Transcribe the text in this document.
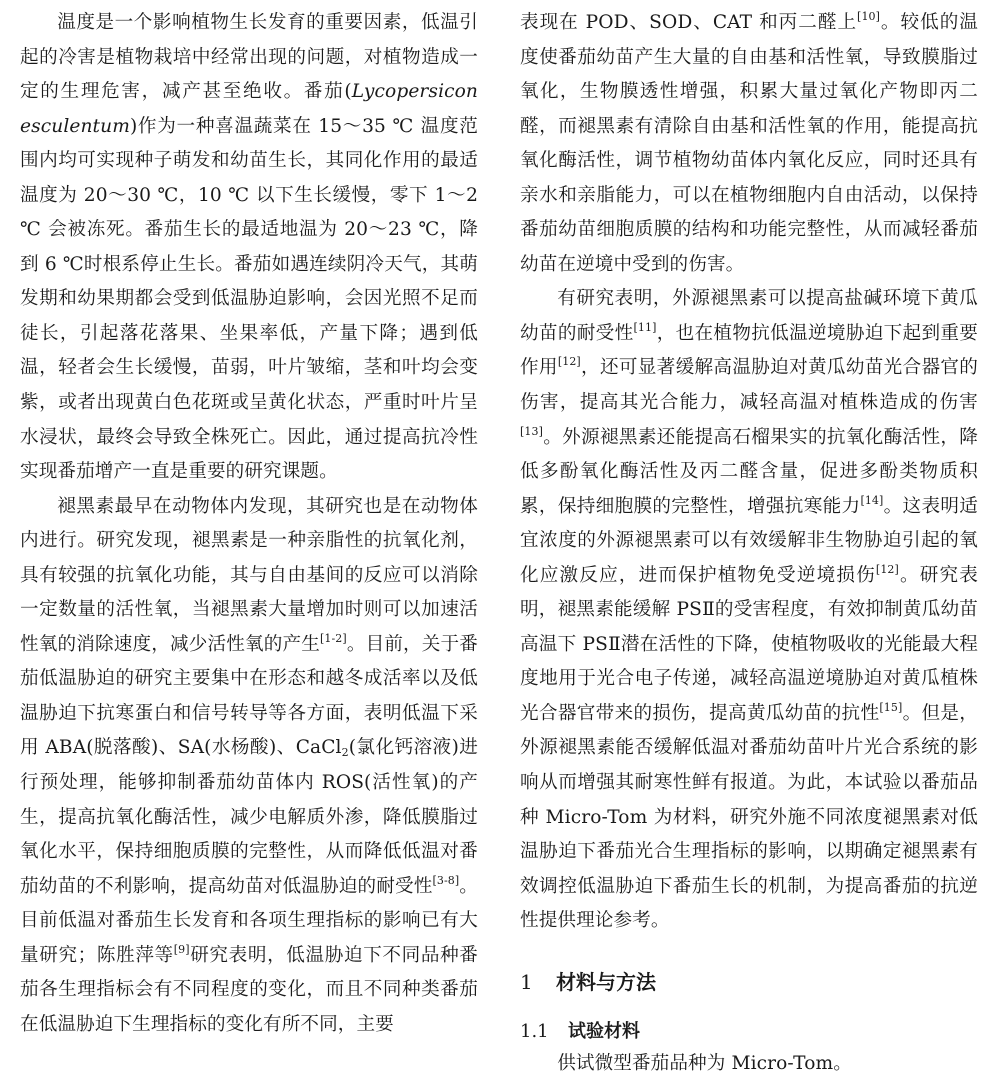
温度是一个影响植物生长发育的重要因素，低温引起的冷害是植物栽培中经常出现的问题，对植物造成一定的生理危害，减产甚至绝收。番茄(Lycopersicon esculentum)作为一种喜温蔬菜在 15～35 ℃ 温度范围内均可实现种子萌发和幼苗生长，其同化作用的最适温度为 20～30 ℃，10 ℃ 以下生长缓慢，零下 1～2 ℃ 会被冻死。番茄生长的最适地温为 20～23 ℃，降到 6 ℃时根系停止生长。番茄如遇连续阴冷天气，其萌发期和幼果期都会受到低温胁迫影响，会因光照不足而徒长，引起落花落果、坐果率低，产量下降；遇到低温，轻者会生长缓慢，苗弱，叶片皱缩，茎和叶均会变紫，或者出现黄白色花斑或呈黄化状态，严重时叶片呈水浸状，最终会导致全株死亡。因此，通过提高抗冷性实现番茄增产一直是重要的研究课题。

褪黑素最早在动物体内发现，其研究也是在动物体内进行。研究发现，褪黑素是一种亲脂性的抗氧化剂，具有较强的抗氧化功能，其与自由基间的反应可以消除一定数量的活性氧，当褪黑素大量增加时则可以加速活性氧的消除速度，减少活性氧的产生[1-2]。目前，关于番茄低温胁迫的研究主要集中在形态和越冬成活率以及低温胁迫下抗寒蛋白和信号转导等各方面，表明低温下采用 ABA(脱落酸)、SA(水杨酸)、CaCl$_2$(氯化钙溶液)进行预处理，能够抑制番茄幼苗体内 ROS(活性氧)的产生，提高抗氧化酶活性，减少电解质外渗，降低膜脂过氧化水平，保持细胞质膜的完整性，从而降低低温对番茄幼苗的不利影响，提高幼苗对低温胁迫的耐受性[3-8]。目前低温对番茄生长发育和各项生理指标的影响已有大量研究；陈胜萍等[9]研究表明，低温胁迫下不同品种番茄各生理指标会有不同程度的变化，而且不同种类番茄在低温胁迫下生理指标的变化有所不同，主要

表现在 POD、SOD、CAT 和丙二醛上[10]。较低的温度使番茄幼苗产生大量的自由基和活性氧，导致膜脂过氧化，生物膜透性增强，积累大量过氧化产物即丙二醛，而褪黑素有清除自由基和活性氧的作用，能提高抗氧化酶活性，调节植物幼苗体内氧化反应，同时还具有亲水和亲脂能力，可以在植物细胞内自由活动，以保持番茄幼苗细胞质膜的结构和功能完整性，从而减轻番茄幼苗在逆境中受到的伤害。

有研究表明，外源褪黑素可以提高盐碱环境下黄瓜幼苗的耐受性[11]，也在植物抗低温逆境胁迫下起到重要作用[12]，还可显著缓解高温胁迫对黄瓜幼苗光合器官的伤害，提高其光合能力，减轻高温对植株造成的伤害[13]。外源褪黑素还能提高石榴果实的抗氧化酶活性，降低多酚氧化酶活性及丙二醛含量，促进多酚类物质积累，保持细胞膜的完整性，增强抗寒能力[14]。这表明适宜浓度的外源褪黑素可以有效缓解非生物胁迫引起的氧化应激反应，进而保护植物免受逆境损伤[12]。研究表明，褪黑素能缓解 PSⅡ的受害程度，有效抑制黄瓜幼苗高温下 PSⅡ潜在活性的下降，使植物吸收的光能最大程度地用于光合电子传递，减轻高温逆境胁迫对黄瓜植株光合器官带来的损伤，提高黄瓜幼苗的抗性[15]。但是，外源褪黑素能否缓解低温对番茄幼苗叶片光合系统的影响从而增强其耐寒性鲜有报道。为此，本试验以番茄品种 Micro-Tom 为材料，研究外施不同浓度褪黑素对低温胁迫下番茄光合生理指标的影响，以期确定褪黑素有效调控低温胁迫下番茄生长的机制，为提高番茄的抗逆性提供理论参考。

1 材料与方法
1.1 试验材料

供试微型番茄品种为 Micro-Tom。
